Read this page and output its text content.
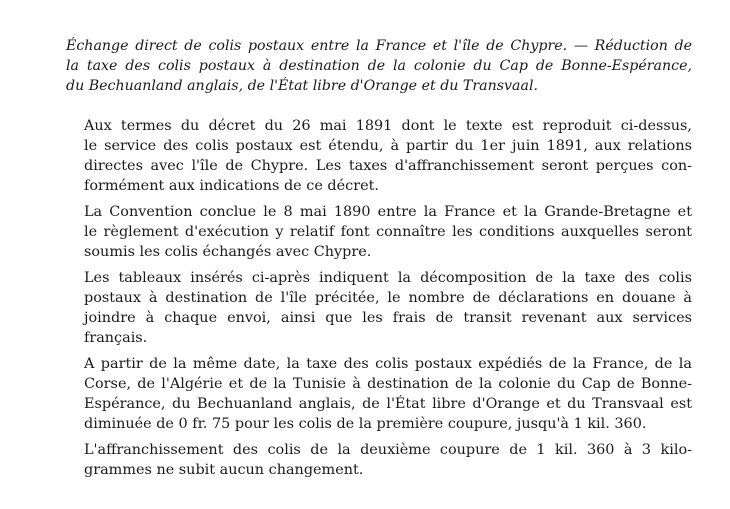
Échange direct de colis postaux entre la France et l'île de Chypre. — Réduction de
la taxe des colis postaux à destination de la colonie du Cap de Bonne-Espérance,
du Bechuanland anglais, de l'État libre d'Orange et du Transvaal.

Aux termes du décret du 26 mai 1891 dont le texte est reproduit ci-dessus,
le service des colis postaux est étendu, à partir du 1er juin 1891, aux relations
directes avec l'île de Chypre. Les taxes d'affranchissement seront perçues con-
formément aux indications de ce décret.

La Convention conclue le 8 mai 1890 entre la France et la Grande-Bretagne et
le règlement d'exécution y relatif font connaître les conditions auxquelles seront
soumis les colis échangés avec Chypre.

Les tableaux insérés ci-après indiquent la décomposition de la taxe des colis
postaux à destination de l'île précitée, le nombre de déclarations en douane à
joindre à chaque envoi, ainsi que les frais de transit revenant aux services
français.

A partir de la même date, la taxe des colis postaux expédiés de la France, de la
Corse, de l'Algérie et de la Tunisie à destination de la colonie du Cap de Bonne-
Espérance, du Bechuanland anglais, de l'État libre d'Orange et du Transvaal est
diminuée de 0 fr. 75 pour les colis de la première coupure, jusqu'à 1 kil. 360.

L'affranchissement des colis de la deuxième coupure de 1 kil. 360 à 3 kilo-
grammes ne subit aucun changement.
